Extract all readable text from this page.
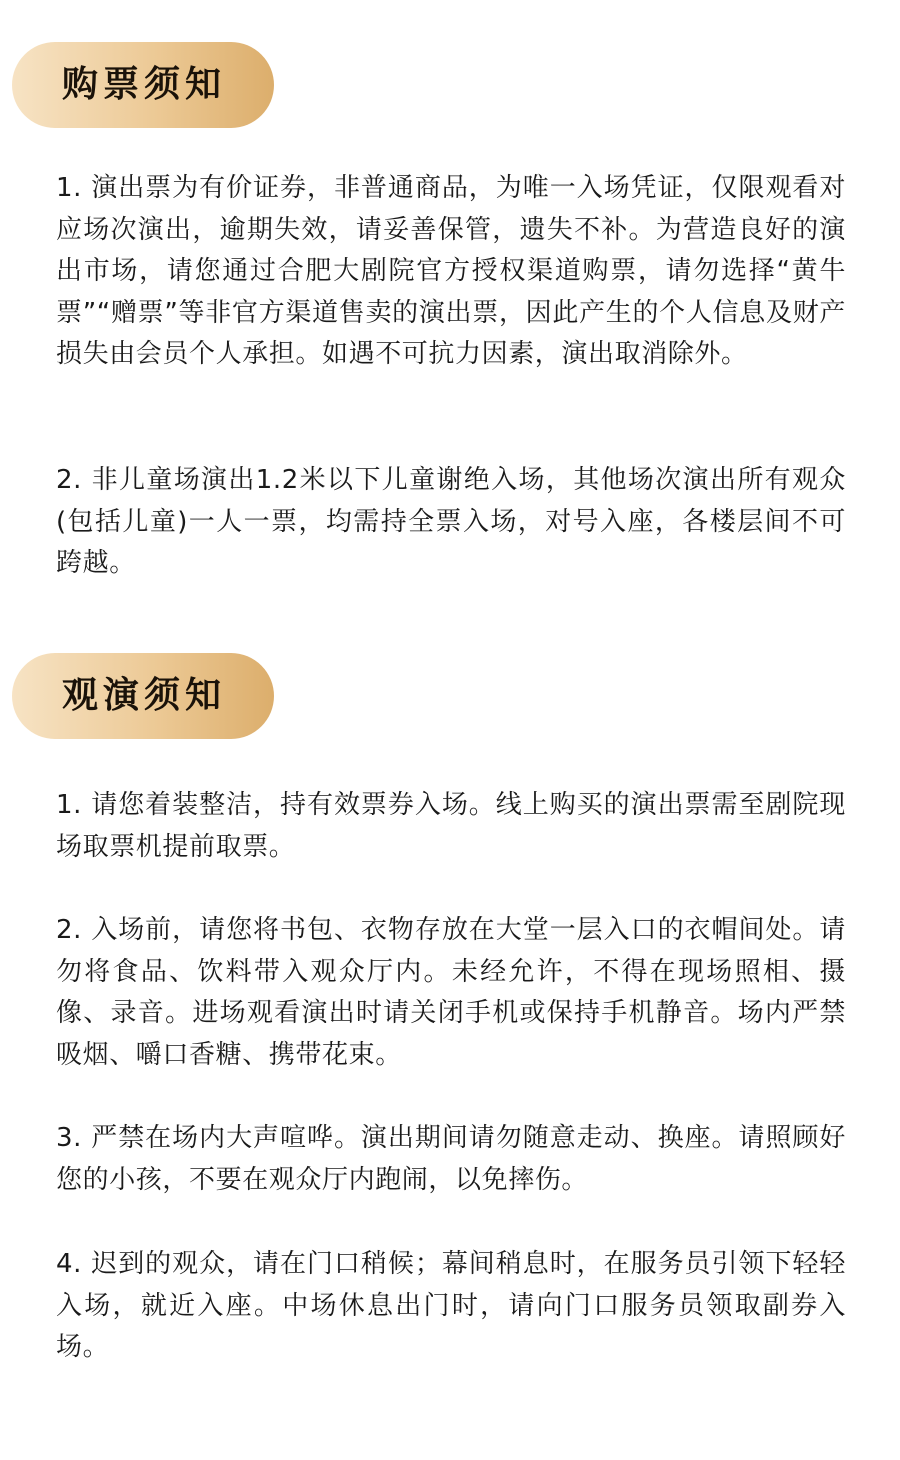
购票须知

1. 演出票为有价证券，非普通商品，为唯一入场凭证，仅限观看对应场次演出，逾期失效，请妥善保管，遗失不补。为营造良好的演出市场，请您通过合肥大剧院官方授权渠道购票，请勿选择“黄牛票”“赠票”等非官方渠道售卖的演出票，因此产生的个人信息及财产损失由会员个人承担。如遇不可抗力因素，演出取消除外。

2. 非儿童场演出1.2米以下儿童谢绝入场，其他场次演出所有观众(包括儿童)一人一票，均需持全票入场，对号入座，各楼层间不可跨越。

观演须知

1. 请您着装整洁，持有效票券入场。线上购买的演出票需至剧院现场取票机提前取票。

2. 入场前，请您将书包、衣物存放在大堂一层入口的衣帽间处。请勿将食品、饮料带入观众厅内。未经允许，不得在现场照相、摄像、录音。进场观看演出时请关闭手机或保持手机静音。场内严禁吸烟、嚼口香糖、携带花束。

3. 严禁在场内大声喧哗。演出期间请勿随意走动、换座。请照顾好您的小孩，不要在观众厅内跑闹，以免摔伤。

4. 迟到的观众，请在门口稍候；幕间稍息时，在服务员引领下轻轻入场，就近入座。中场休息出门时，请向门口服务员领取副券入场。
